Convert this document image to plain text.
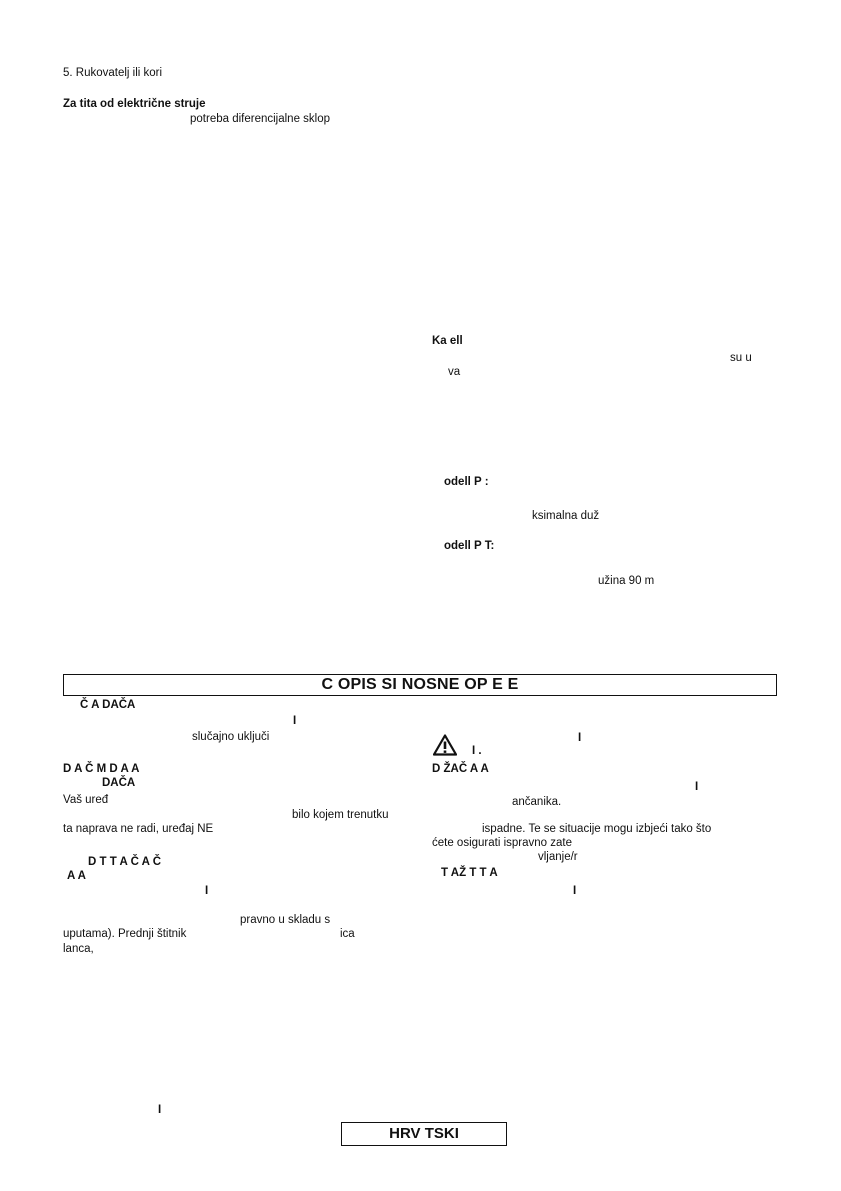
5. Rukovatelj ili kori
Za tita od električne struje
potreba diferencijalne sklop
Ka ell
su u
va
odell P :
ksimalna duž
odell P T:
užina 90 m
C OPIS SI NOSNE OP E E
Č A DAČA
I
slučajno uključi
D A Č M D A A
DAČA
Vaš uređ
bilo kojem trenutku
ta naprava ne radi, uređaj NE
D T T A Č A Č
A A
I
pravno u skladu s
uputama). Prednji štitnik	ica
lanca,
I
I
I .
D ŽAČ A A
I
ančanika.
ispadne. Te se situacije mogu izbjeći tako što
ćete osigurati ispravno zate
vljanje/r
T AŽ T T A
I
HRV TSKI
